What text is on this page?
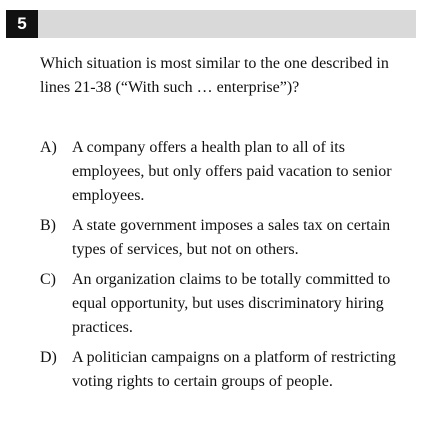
5

Which situation is most similar to the one described in lines 21-38 (“With such … enterprise”)?

A) A company offers a health plan to all of its employees, but only offers paid vacation to senior employees.
B) A state government imposes a sales tax on certain types of services, but not on others.
C) An organization claims to be totally committed to equal opportunity, but uses discriminatory hiring practices.
D) A politician campaigns on a platform of restricting voting rights to certain groups of people.
